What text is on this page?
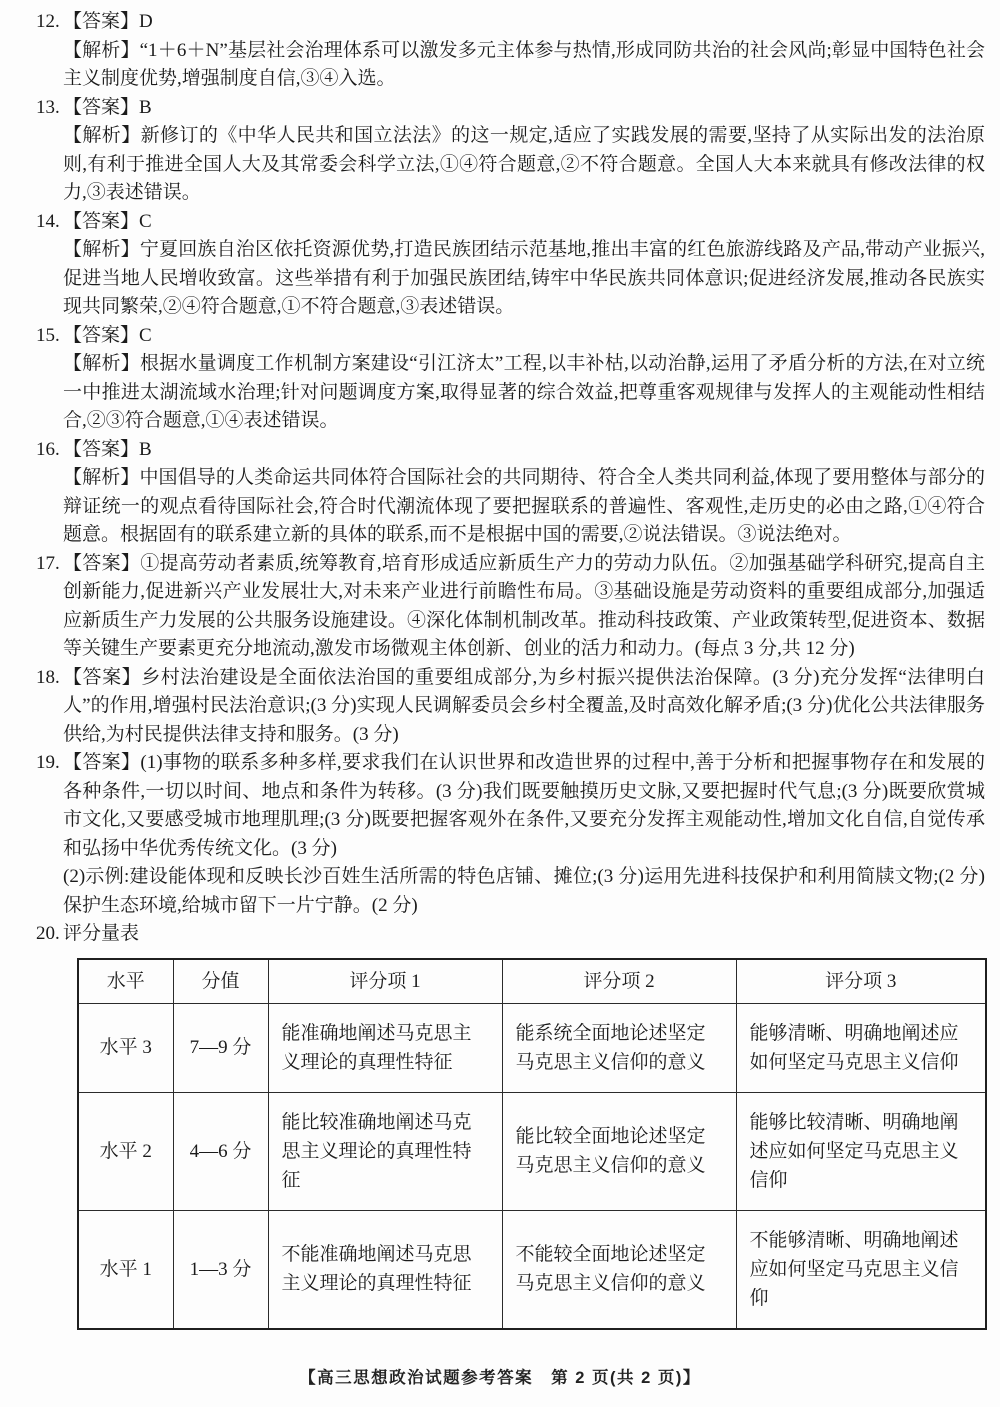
12. 【答案】D

【解析】“1＋6＋N”基层社会治理体系可以激发多元主体参与热情,形成同防共治的社会风尚;彰显中国特色社会主义制度优势,增强制度自信,③④入选。

13. 【答案】B

【解析】新修订的《中华人民共和国立法法》的这一规定,适应了实践发展的需要,坚持了从实际出发的法治原则,有利于推进全国人大及其常委会科学立法,①④符合题意,②不符合题意。全国人大本来就具有修改法律的权力,③表述错误。

14. 【答案】C

【解析】宁夏回族自治区依托资源优势,打造民族团结示范基地,推出丰富的红色旅游线路及产品,带动产业振兴,促进当地人民增收致富。这些举措有利于加强民族团结,铸牢中华民族共同体意识;促进经济发展,推动各民族实现共同繁荣,②④符合题意,①不符合题意,③表述错误。

15. 【答案】C

【解析】根据水量调度工作机制方案建设“引江济太”工程,以丰补枯,以动治静,运用了矛盾分析的方法,在对立统一中推进太湖流域水治理;针对问题调度方案,取得显著的综合效益,把尊重客观规律与发挥人的主观能动性相结合,②③符合题意,①④表述错误。

16. 【答案】B

【解析】中国倡导的人类命运共同体符合国际社会的共同期待、符合全人类共同利益,体现了要用整体与部分的辩证统一的观点看待国际社会,符合时代潮流体现了要把握联系的普遍性、客观性,走历史的必由之路,①④符合题意。根据固有的联系建立新的具体的联系,而不是根据中国的需要,②说法错误。③说法绝对。

17. 【答案】①提高劳动者素质,统筹教育,培育形成适应新质生产力的劳动力队伍。②加强基础学科研究,提高自主创新能力,促进新兴产业发展壮大,对未来产业进行前瞻性布局。③基础设施是劳动资料的重要组成部分,加强适应新质生产力发展的公共服务设施建设。④深化体制机制改革。推动科技政策、产业政策转型,促进资本、数据等关键生产要素更充分地流动,激发市场微观主体创新、创业的活力和动力。(每点 3 分,共 12 分)

18. 【答案】乡村法治建设是全面依法治国的重要组成部分,为乡村振兴提供法治保障。(3 分)充分发挥“法律明白人”的作用,增强村民法治意识;(3 分)实现人民调解委员会乡村全覆盖,及时高效化解矛盾;(3 分)优化公共法律服务供给,为村民提供法律支持和服务。(3 分)

19. 【答案】(1)事物的联系多种多样,要求我们在认识世界和改造世界的过程中,善于分析和把握事物存在和发展的各种条件,一切以时间、地点和条件为转移。(3 分)我们既要触摸历史文脉,又要把握时代气息;(3 分)既要欣赏城市文化,又要感受城市地理肌理;(3 分)既要把握客观外在条件,又要充分发挥主观能动性,增加文化自信,自觉传承和弘扬中华优秀传统文化。(3 分)

(2)示例:建设能体现和反映长沙百姓生活所需的特色店铺、摊位;(3 分)运用先进科技保护和利用简牍文物;(2 分)保护生态环境,给城市留下一片宁静。(2 分)

20. 评分量表

水平	分值	评分项 1	评分项 2	评分项 3
水平 3	7—9 分	能准确地阐述马克思主义理论的真理性特征	能系统全面地论述坚定马克思主义信仰的意义	能够清晰、明确地阐述应如何坚定马克思主义信仰
水平 2	4—6 分	能比较准确地阐述马克思主义理论的真理性特征	能比较全面地论述坚定马克思主义信仰的意义	能够比较清晰、明确地阐述应如何坚定马克思主义信仰
水平 1	1—3 分	不能准确地阐述马克思主义理论的真理性特征	不能较全面地论述坚定马克思主义信仰的意义	不能够清晰、明确地阐述应如何坚定马克思主义信仰
【高三思想政治试题参考答案　第 2 页(共 2 页)】
